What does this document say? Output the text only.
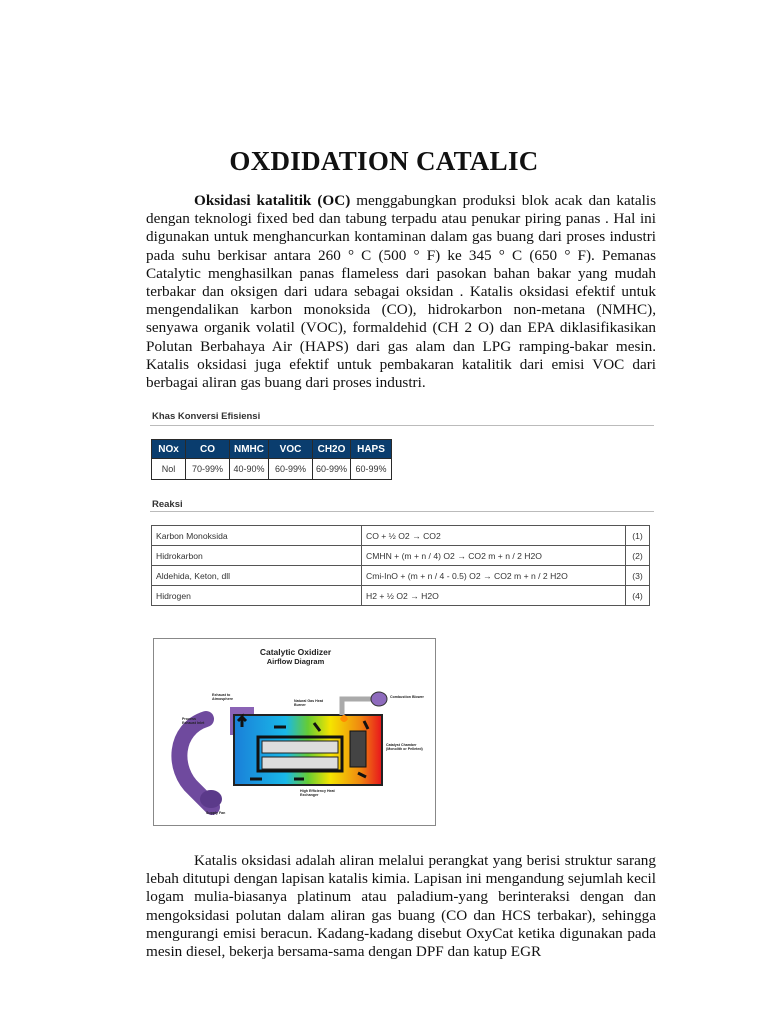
OXDIDATION CATALIC

Oksidasi katalitik (OC) menggabungkan produksi blok acak dan katalis dengan teknologi fixed bed dan tabung terpadu atau penukar piring panas . Hal ini digunakan untuk menghancurkan kontaminan dalam gas buang dari proses industri pada suhu berkisar antara 260 ° C (500 ° F) ke 345 ° C (650 ° F). Pemanas Catalytic menghasilkan panas flameless dari pasokan bahan bakar yang mudah terbakar dan oksigen dari udara sebagai oksidan . Katalis oksidasi efektif untuk mengendalikan karbon monoksida (CO), hidrokarbon non-metana (NMHC), senyawa organik volatil (VOC), formaldehid (CH 2 O) dan EPA diklasifikasikan Polutan Berbahaya Air (HAPS) dari gas alam dan LPG ramping-bakar mesin. Katalis oksidasi juga efektif untuk pembakaran katalitik dari emisi VOC dari berbagai aliran gas buang dari proses industri.

Khas Konversi Efisiensi
NOx	CO	NMHC	VOC	CH2O	HAPS
Nol	70-99%	40-90%	60-99%	60-99%	60-99%
Reaksi
Karbon Monoksida	CO + ½ O2 → CO2	(1)
Hidrokarbon	CMHN + (m + n / 4) O2 → CO2 m + n / 2 H2O	(2)
Aldehida, Keton, dll	Cmi-InO + (m + n / 4 - 0.5) O2 → CO2 m + n / 2 H2O	(3)
Hidrogen	H2 + ½ O2 → H2O	(4)
Catalytic Oxidizer
Airflow Diagram
Exhaust to Atmosphere
Process Exhaust Inlet
Natural Gas Heat Burner
Combustion Blower
Catalyst Chamber (Monolith or Pelleted)
Supply Fan
High Efficiency Heat Exchanger

Katalis oksidasi adalah aliran melalui perangkat yang berisi struktur sarang lebah ditutupi dengan lapisan katalis kimia. Lapisan ini mengandung sejumlah kecil logam mulia-biasanya platinum atau paladium-yang berinteraksi dengan dan mengoksidasi polutan dalam aliran gas buang (CO dan HCS terbakar), sehingga mengurangi emisi beracun. Kadang-kadang disebut OxyCat ketika digunakan pada mesin diesel, bekerja bersama-sama dengan DPF dan katup EGR
